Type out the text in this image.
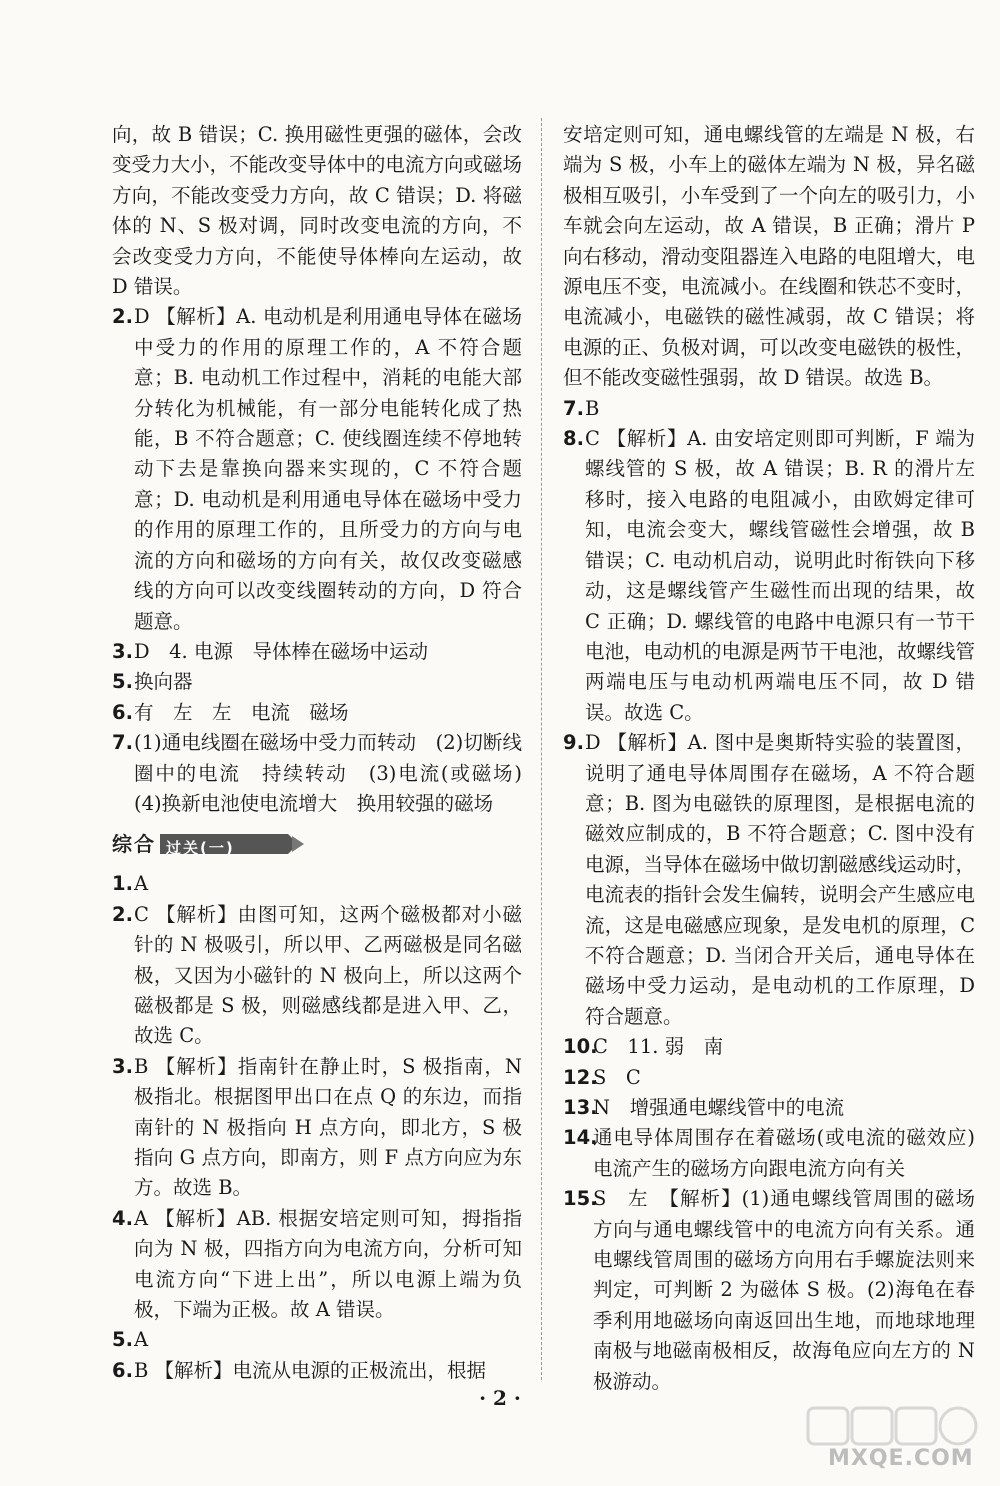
向，故 B 错误；C. 换用磁性更强的磁体，会改变受力大小，不能改变导体中的电流方向或磁场方向，不能改变受力方向，故 C 错误；D. 将磁体的 N、S 极对调，同时改变电流的方向，不会改变受力方向，不能使导体棒向左运动，故 D 错误。
2. D 【解析】A. 电动机是利用通电导体在磁场中受力的作用的原理工作的，A 不符合题意；B. 电动机工作过程中，消耗的电能大部分转化为机械能，有一部分电能转化成了热能，B 不符合题意；C. 使线圈连续不停地转动下去是靠换向器来实现的，C 不符合题意；D. 电动机是利用通电导体在磁场中受力的作用的原理工作的，且所受力的方向与电流的方向和磁场的方向有关，故仅改变磁感线的方向可以改变线圈转动的方向，D 符合题意。
3. D　4. 电源　导体棒在磁场中运动
5. 换向器
6. 有　左　左　电流　磁场
7. (1)通电线圈在磁场中受力而转动　(2)切断线圈中的电流　持续转动　(3)电流(或磁场)　(4)换新电池使电流增大　换用较强的磁场
综合 过关(一)
1. A
2. C 【解析】由图可知，这两个磁极都对小磁针的 N 极吸引，所以甲、乙两磁极是同名磁极，又因为小磁针的 N 极向上，所以这两个磁极都是 S 极，则磁感线都是进入甲、乙，故选 C。
3. B 【解析】指南针在静止时，S 极指南，N 极指北。根据图甲出口在点 Q 的东边，而指南针的 N 极指向 H 点方向，即北方，S 极指向 G 点方向，即南方，则 F 点方向应为东方。故选 B。
4. A 【解析】AB. 根据安培定则可知，拇指指向为 N 极，四指方向为电流方向，分析可知电流方向“下进上出”，所以电源上端为负极，下端为正极。故 A 错误。
5. A
6. B 【解析】电流从电源的正极流出，根据
安培定则可知，通电螺线管的左端是 N 极，右端为 S 极，小车上的磁体左端为 N 极，异名磁极相互吸引，小车受到了一个向左的吸引力，小车就会向左运动，故 A 错误，B 正确；滑片 P 向右移动，滑动变阻器连入电路的电阻增大，电源电压不变，电流减小。在线圈和铁芯不变时，电流减小，电磁铁的磁性减弱，故 C 错误；将电源的正、负极对调，可以改变电磁铁的极性，但不能改变磁性强弱，故 D 错误。故选 B。
7. B
8. C 【解析】A. 由安培定则即可判断，F 端为螺线管的 S 极，故 A 错误；B. R 的滑片左移时，接入电路的电阻减小，由欧姆定律可知，电流会变大，螺线管磁性会增强，故 B 错误；C. 电动机启动，说明此时衔铁向下移动，这是螺线管产生磁性而出现的结果，故 C 正确；D. 螺线管的电路中电源只有一节干电池，电动机的电源是两节干电池，故螺线管两端电压与电动机两端电压不同，故 D 错误。故选 C。
9. D 【解析】A. 图中是奥斯特实验的装置图，说明了通电导体周围存在磁场，A 不符合题意；B. 图为电磁铁的原理图，是根据电流的磁效应制成的，B 不符合题意；C. 图中没有电源，当导体在磁场中做切割磁感线运动时，电流表的指针会发生偏转，说明会产生感应电流，这是电磁感应现象，是发电机的原理，C 不符合题意；D. 当闭合开关后，通电导体在磁场中受力运动，是电动机的工作原理，D 符合题意。
10.
C　11. 弱　南
12.
S　C
13.
N　增强通电螺线管中的电流
14.
通电导体周围存在着磁场(或电流的磁效应)　电流产生的磁场方向跟电流方向有关
15.
S　左　【解析】(1)通电螺线管周围的磁场方向与通电螺线管中的电流方向有关系。通电螺线管周围的磁场方向用右手螺旋法则来判定，可判断 2 为磁体 S 极。(2)海龟在春季利用地磁场向南返回出生地，而地球地理南极与地磁南极相反，故海龟应向左方的 N 极游动。
· 2 ·
MXQE.COM
